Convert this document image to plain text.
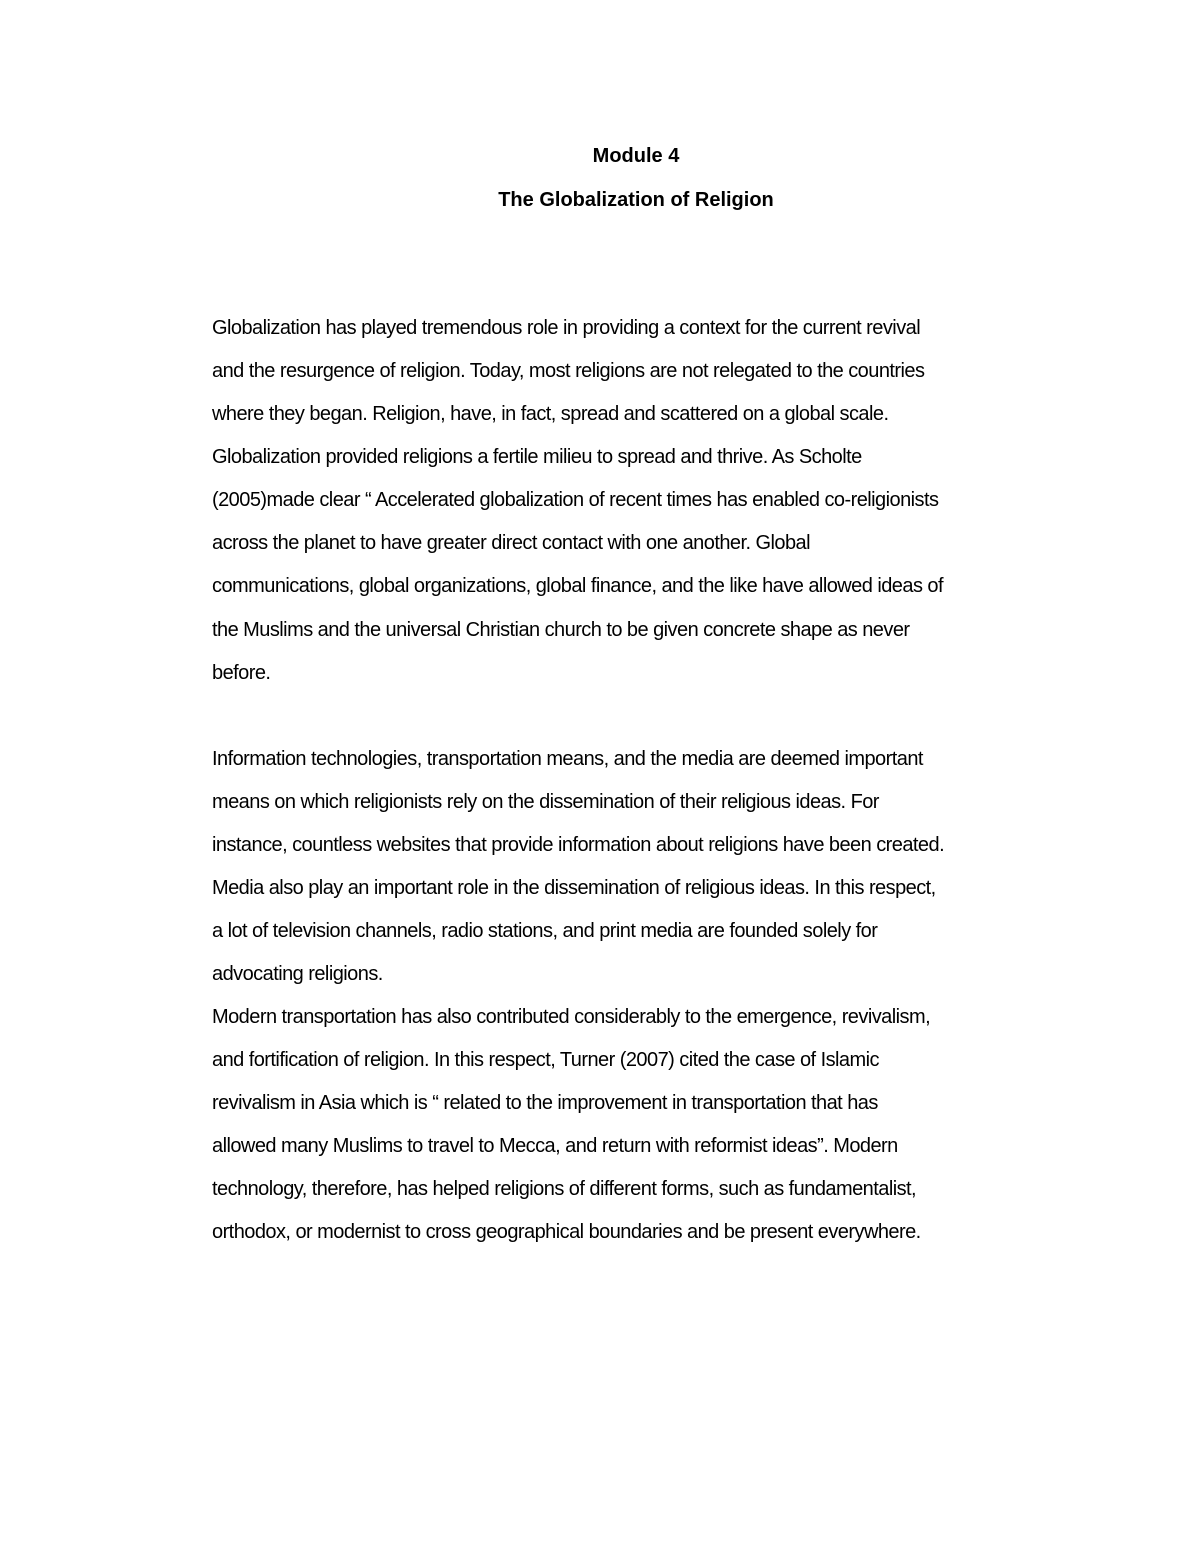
Module 4
The Globalization of Religion
Globalization has played tremendous role in providing a context for the current revival
and the resurgence of religion. Today, most religions are not relegated to the countries
where they began. Religion, have, in fact, spread and scattered on a global scale.
Globalization provided religions a fertile milieu to spread and thrive. As Scholte
(2005)made clear “ Accelerated globalization of recent times has enabled co-religionists
across the planet to have greater direct contact with one another. Global
communications, global organizations, global finance, and the like have allowed ideas of
the Muslims and the universal Christian church to be given concrete shape as never
before.
Information technologies, transportation means, and the media are deemed important
means on which religionists rely on the dissemination of their religious ideas. For
instance, countless websites that provide information about religions have been created.
Media also play an important role in the dissemination of religious ideas. In this respect,
a lot of television channels, radio stations, and print media are founded solely for
advocating religions.
Modern transportation has also contributed considerably to the emergence, revivalism,
and fortification of religion. In this respect, Turner (2007) cited the case of Islamic
revivalism in Asia which is “ related to the improvement in transportation that has
allowed many Muslims to travel to Mecca, and return with reformist ideas”. Modern
technology, therefore, has helped religions of different forms, such as fundamentalist,
orthodox, or modernist to cross geographical boundaries and be present everywhere.
